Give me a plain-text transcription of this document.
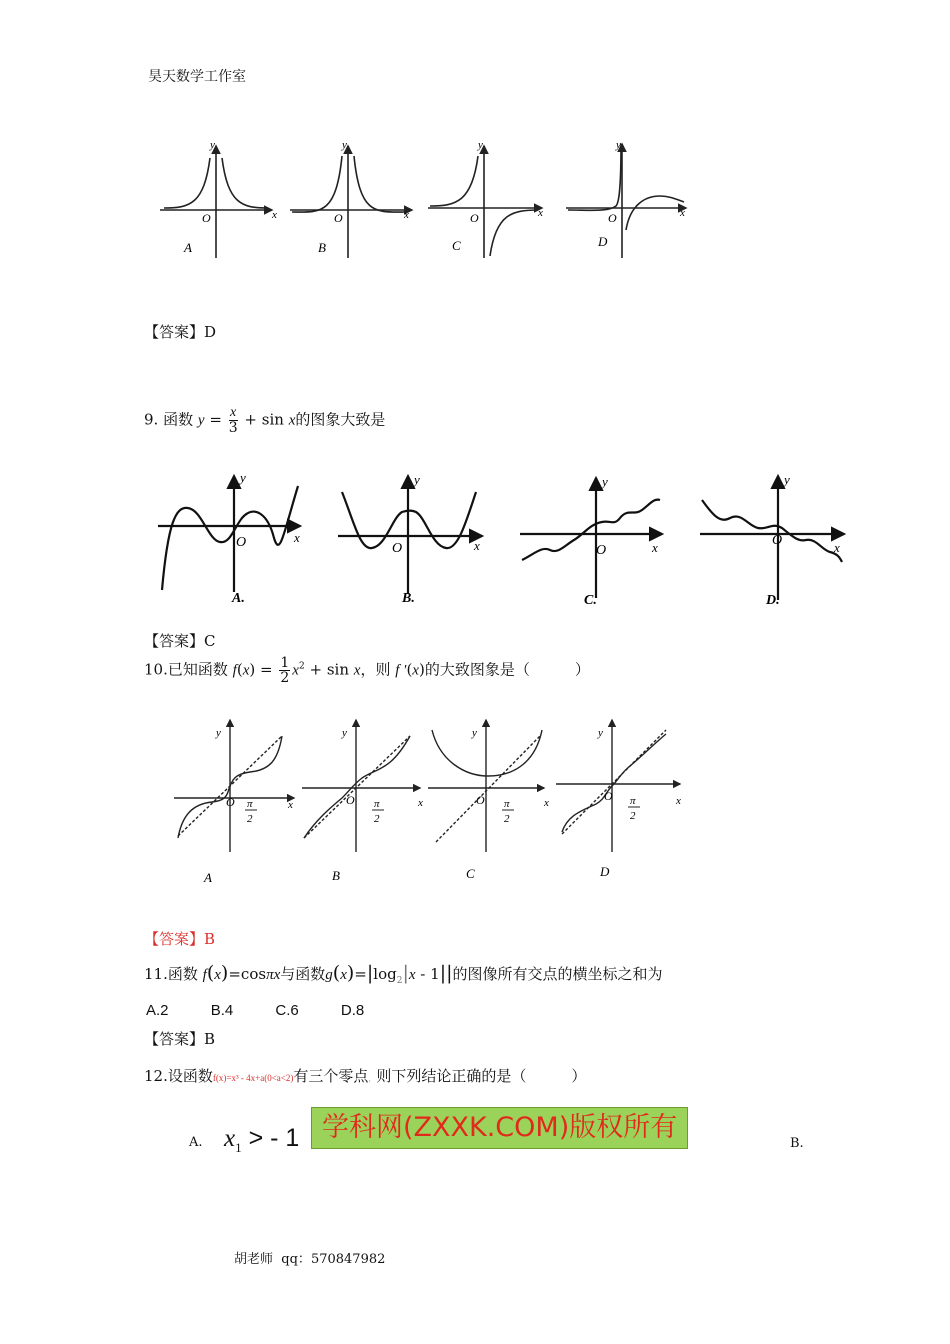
昊天数学工作室
y
x
O
A
y
x
O
B
y
x
O
C
y
x
O
D
【答案】D
9. 函数 $y = \frac{x}{3} + \sin x$的图象大致是
y
x
O
A.
y
x
O
B.
y
x
O
C.
y
x
O
D.
【答案】C
10.已知函数 $f(x) = \frac{1}{2} x^2 + \sin x$，则 f ′(x)的大致图象是（　　　）
y
x
O π
2
A
y
x
O π
2
B
y
x
O π
2
C
y
x
O π
2
D
【答案】B
11.函数 f(x)=cosπx与函数$g(x)=|\log_2|x - 1||$的图像所有交点的横坐标之和为
A.2	B.4	C.6	D.8
【答案】B
12.设函数f(x)=x³ - 4x+a(0<a<2)有三个零点，则下列结论正确的是（　　　）
A. $x_1$ > - 1 学科网(ZXXK.COM)版权所有
B.
胡老师 qq：570847982
